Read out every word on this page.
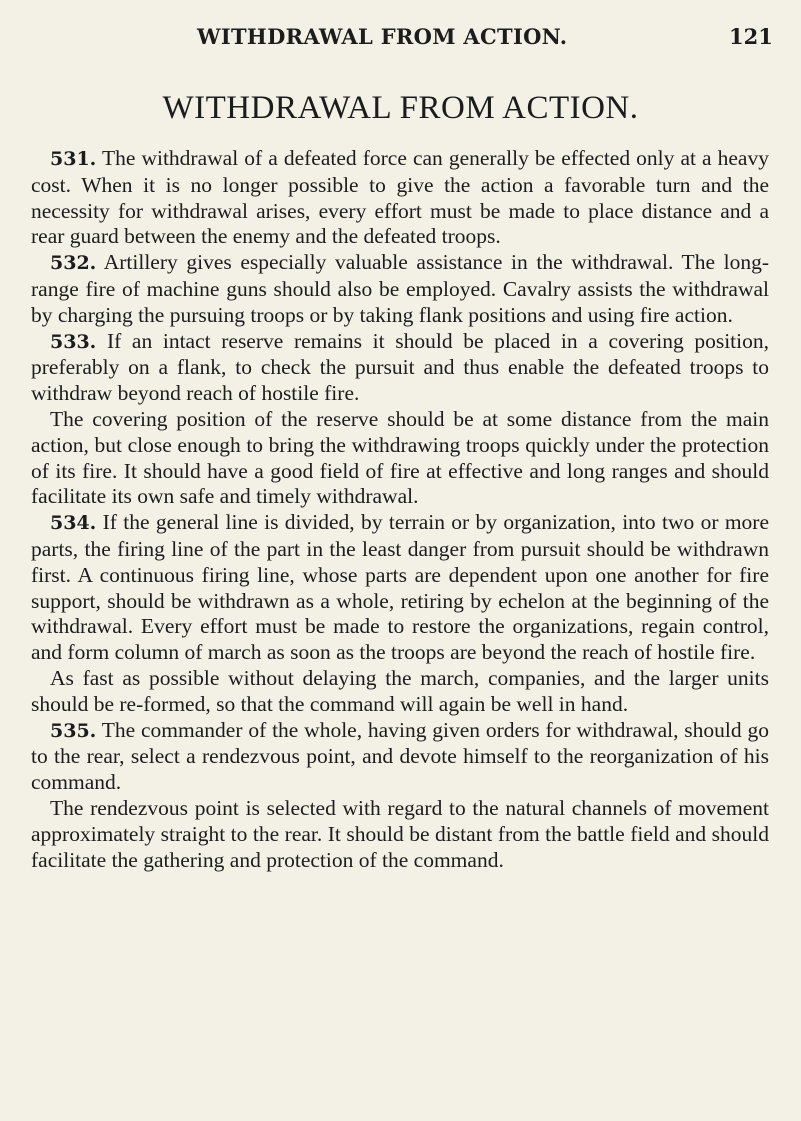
WITHDRAWAL FROM ACTION.	121
WITHDRAWAL FROM ACTION.

531. The withdrawal of a defeated force can generally be effected only at a heavy cost. When it is no longer possible to give the action a favorable turn and the necessity for withdrawal arises, every effort must be made to place distance and a rear guard between the enemy and the defeated troops.

532. Artillery gives especially valuable assistance in the withdrawal. The long-range fire of machine guns should also be employed. Cavalry assists the withdrawal by charging the pursuing troops or by taking flank positions and using fire action.

533. If an intact reserve remains it should be placed in a covering position, preferably on a flank, to check the pursuit and thus enable the defeated troops to withdraw beyond reach of hostile fire.

The covering position of the reserve should be at some distance from the main action, but close enough to bring the withdrawing troops quickly under the protection of its fire. It should have a good field of fire at effective and long ranges and should facilitate its own safe and timely withdrawal.

534. If the general line is divided, by terrain or by organization, into two or more parts, the firing line of the part in the least danger from pursuit should be withdrawn first. A continuous firing line, whose parts are dependent upon one another for fire support, should be withdrawn as a whole, retiring by echelon at the beginning of the withdrawal. Every effort must be made to restore the organizations, regain control, and form column of march as soon as the troops are beyond the reach of hostile fire.

As fast as possible without delaying the march, companies, and the larger units should be re-formed, so that the command will again be well in hand.

535. The commander of the whole, having given orders for withdrawal, should go to the rear, select a rendezvous point, and devote himself to the reorganization of his command.

The rendezvous point is selected with regard to the natural channels of movement approximately straight to the rear. It should be distant from the battle field and should facilitate the gathering and protection of the command.
